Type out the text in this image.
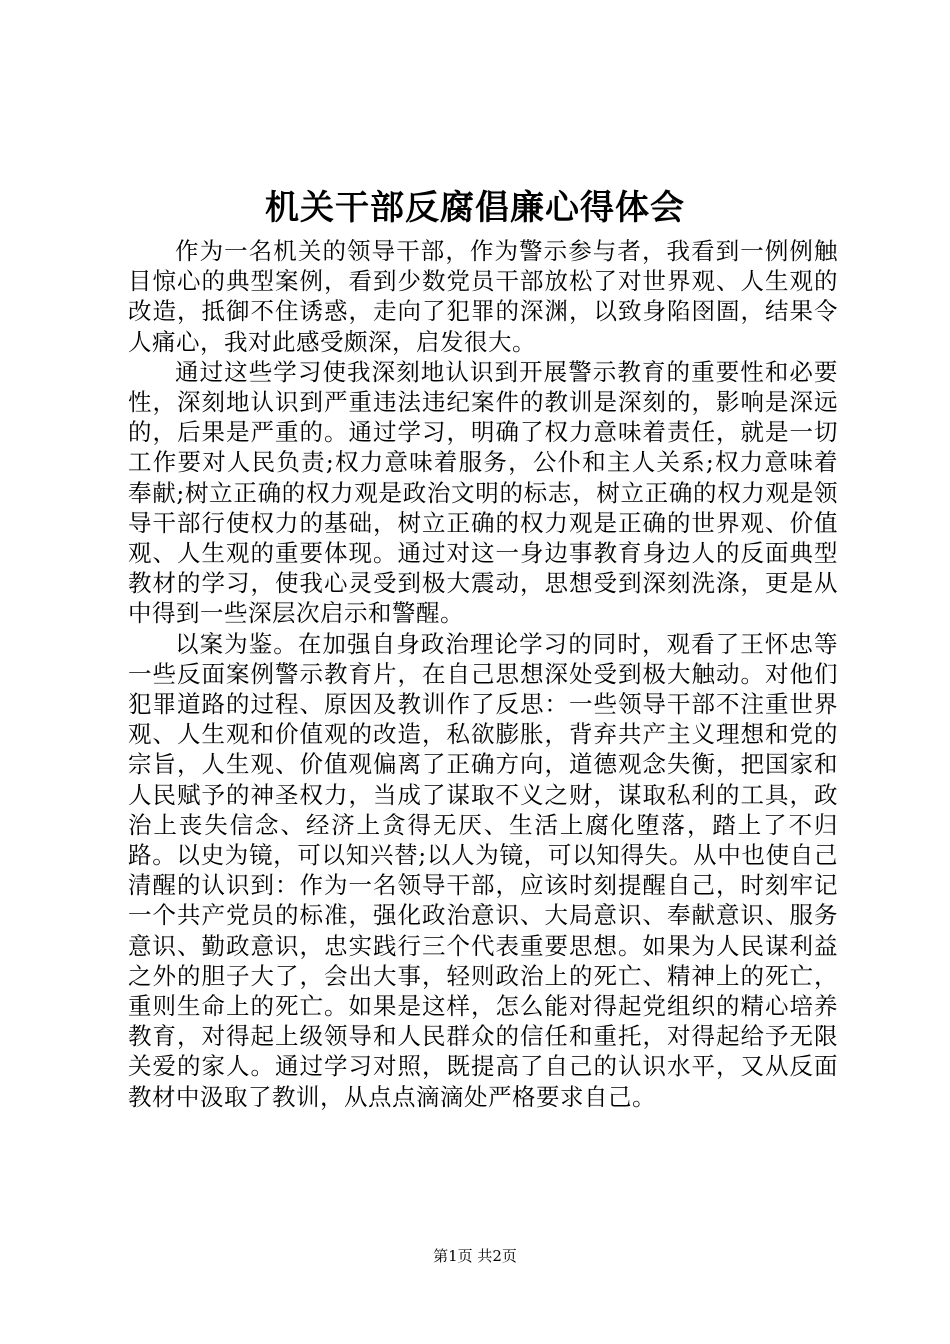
机关干部反腐倡廉心得体会

作为一名机关的领导干部，作为警示参与者，我看到一例例触目惊心的典型案例，看到少数党员干部放松了对世界观、人生观的改造，抵御不住诱惑，走向了犯罪的深渊，以致身陷囹圄，结果令人痛心，我对此感受颇深，启发很大。

通过这些学习使我深刻地认识到开展警示教育的重要性和必要性，深刻地认识到严重违法违纪案件的教训是深刻的，影响是深远的，后果是严重的。通过学习，明确了权力意味着责任，就是一切工作要对人民负责;权力意味着服务，公仆和主人关系;权力意味着奉献;树立正确的权力观是政治文明的标志，树立正确的权力观是领导干部行使权力的基础，树立正确的权力观是正确的世界观、价值观、人生观的重要体现。通过对这一身边事教育身边人的反面典型教材的学习，使我心灵受到极大震动，思想受到深刻洗涤，更是从中得到一些深层次启示和警醒。

以案为鉴。在加强自身政治理论学习的同时，观看了王怀忠等一些反面案例警示教育片，在自己思想深处受到极大触动。对他们犯罪道路的过程、原因及教训作了反思：一些领导干部不注重世界观、人生观和价值观的改造，私欲膨胀，背弃共产主义理想和党的宗旨，人生观、价值观偏离了正确方向，道德观念失衡，把国家和人民赋予的神圣权力，当成了谋取不义之财，谋取私利的工具，政治上丧失信念、经济上贪得无厌、生活上腐化堕落，踏上了不归路。以史为镜，可以知兴替;以人为镜，可以知得失。从中也使自己清醒的认识到：作为一名领导干部，应该时刻提醒自己，时刻牢记一个共产党员的标准，强化政治意识、大局意识、奉献意识、服务意识、勤政意识，忠实践行三个代表重要思想。如果为人民谋利益之外的胆子大了，会出大事，轻则政治上的死亡、精神上的死亡，重则生命上的死亡。如果是这样，怎么能对得起党组织的精心培养教育，对得起上级领导和人民群众的信任和重托，对得起给予无限关爱的家人。通过学习对照，既提高了自己的认识水平，又从反面教材中汲取了教训，从点点滴滴处严格要求自己。

第1页 共2页
